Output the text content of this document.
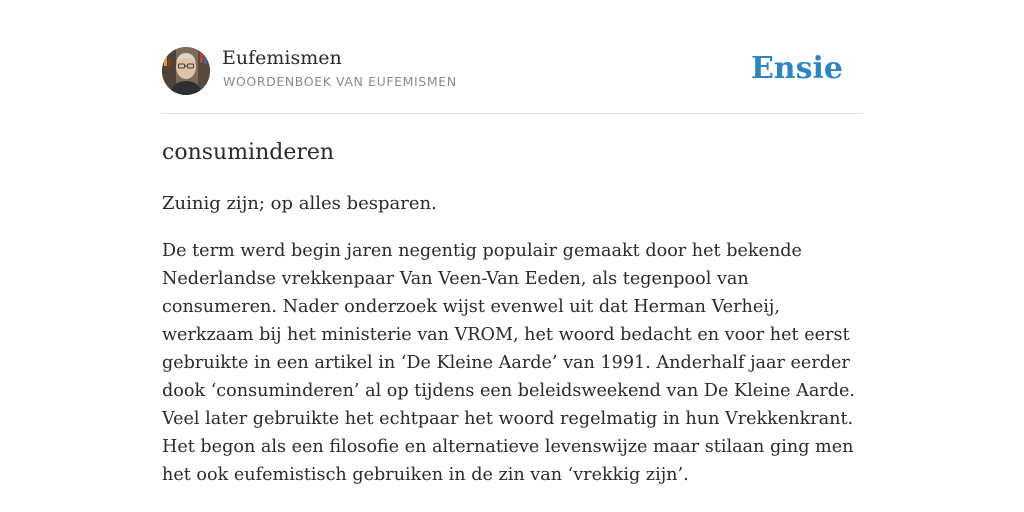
Eufemismen
WOORDENBOEK VAN EUFEMISMEN	Ensie
consuminderen

Zuinig zijn; op alles besparen.

De term werd begin jaren negentig populair gemaakt door het bekende Nederlandse vrekkenpaar Van Veen-Van Eeden, als tegenpool van consumeren. Nader onderzoek wijst evenwel uit dat Herman Verheij, werkzaam bij het ministerie van VROM, het woord bedacht en voor het eerst gebruikte in een artikel in ‘De Kleine Aarde’ van 1991. Anderhalf jaar eerder dook ‘consuminderen’ al op tijdens een beleidsweekend van De Kleine Aarde. Veel later gebruikte het echtpaar het woord regelmatig in hun Vrekkenkrant. Het begon als een filosofie en alternatieve levenswijze maar stilaan ging men het ook eufemistisch gebruiken in de zin van ‘vrekkig zijn’.
